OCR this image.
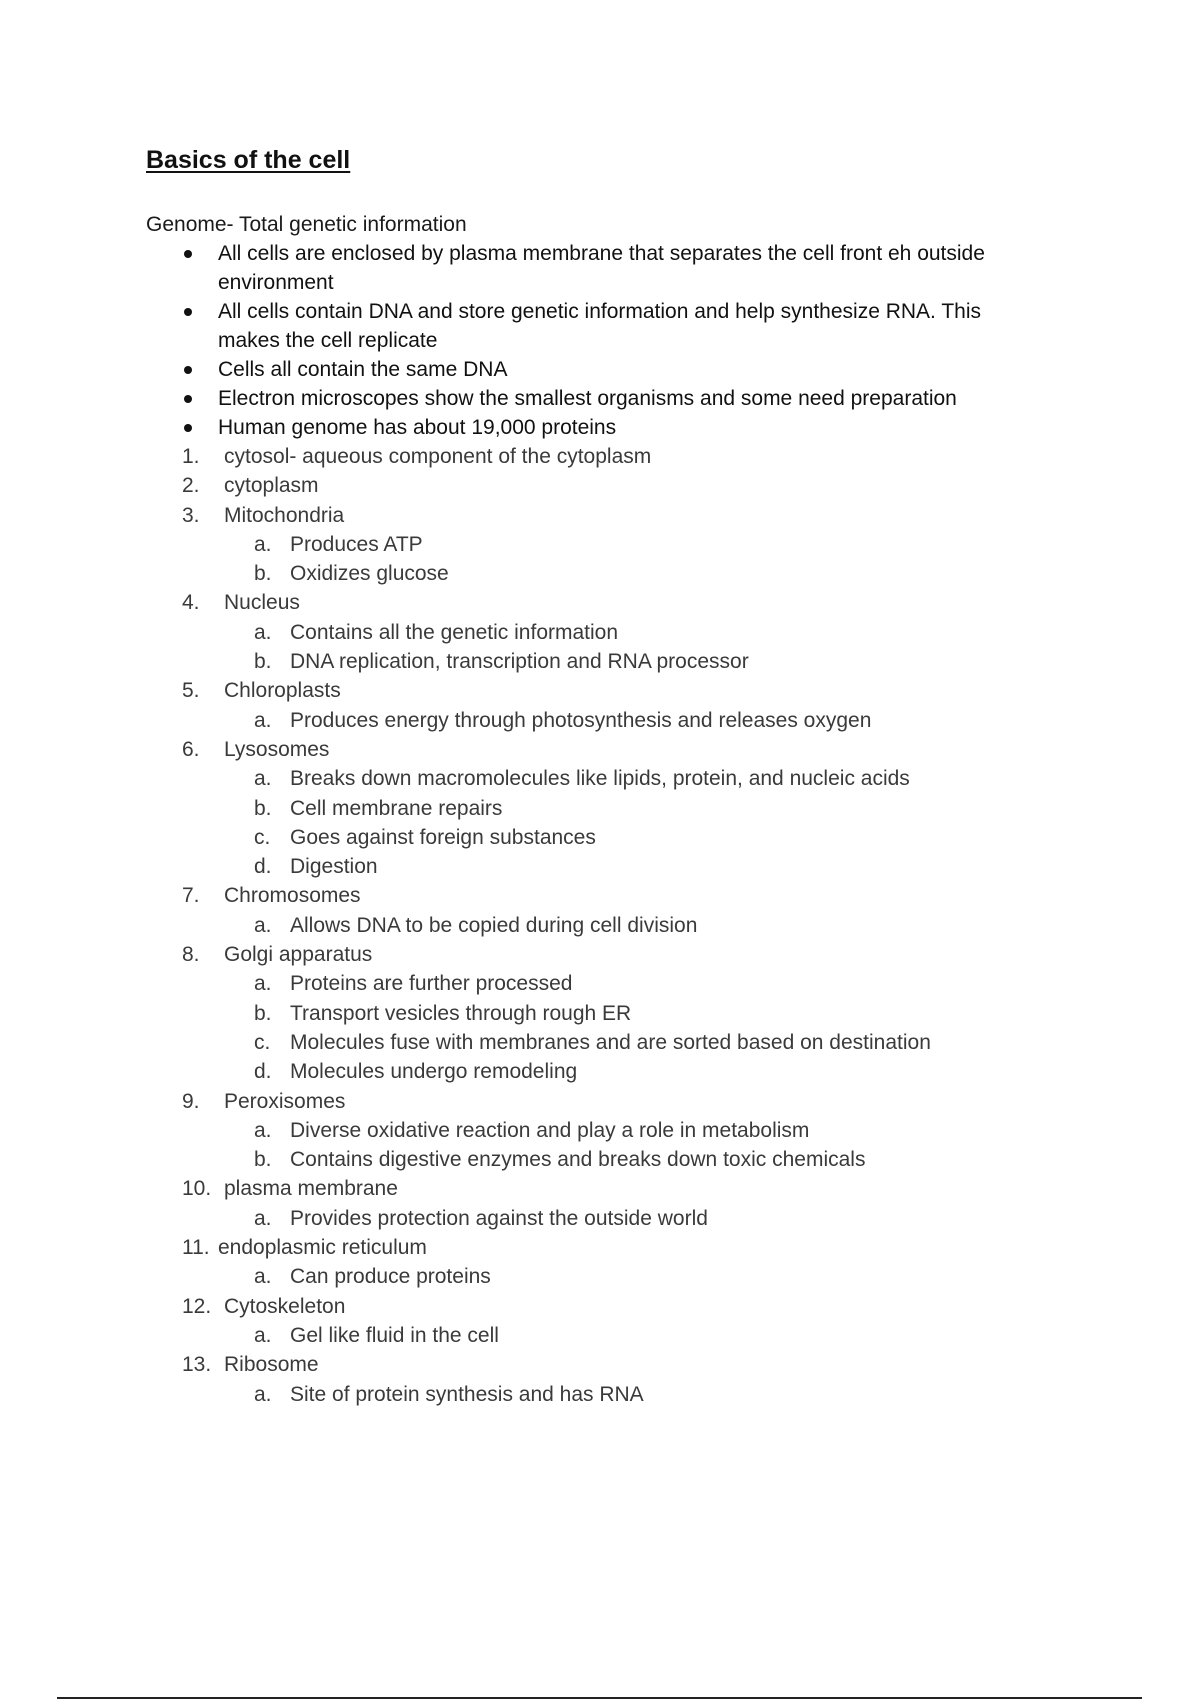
Basics of the cell
Genome- Total genetic information
All cells are enclosed by plasma membrane that separates the cell front eh outside environment
All cells contain DNA and store genetic information and help synthesize RNA. This makes the cell replicate
Cells all contain the same DNA
Electron microscopes show the smallest organisms and some need preparation
Human genome has about 19,000 proteins
1. cytosol- aqueous component of the cytoplasm
2. cytoplasm
3. Mitochondria
a. Produces ATP
b. Oxidizes glucose
4. Nucleus
a. Contains all the genetic information
b. DNA replication, transcription and RNA processor
5. Chloroplasts
a. Produces energy through photosynthesis and releases oxygen
6. Lysosomes
a. Breaks down macromolecules like lipids, protein, and nucleic acids
b. Cell membrane repairs
c. Goes against foreign substances
d. Digestion
7. Chromosomes
a. Allows DNA to be copied during cell division
8. Golgi apparatus
a. Proteins are further processed
b. Transport vesicles through rough ER
c. Molecules fuse with membranes and are sorted based on destination
d. Molecules undergo remodeling
9. Peroxisomes
a. Diverse oxidative reaction and play a role in metabolism
b. Contains digestive enzymes and breaks down toxic chemicals
10. plasma membrane
a. Provides protection against the outside world
11. endoplasmic reticulum
a. Can produce proteins
12. Cytoskeleton
a. Gel like fluid in the cell
13. Ribosome
a. Site of protein synthesis and has RNA
